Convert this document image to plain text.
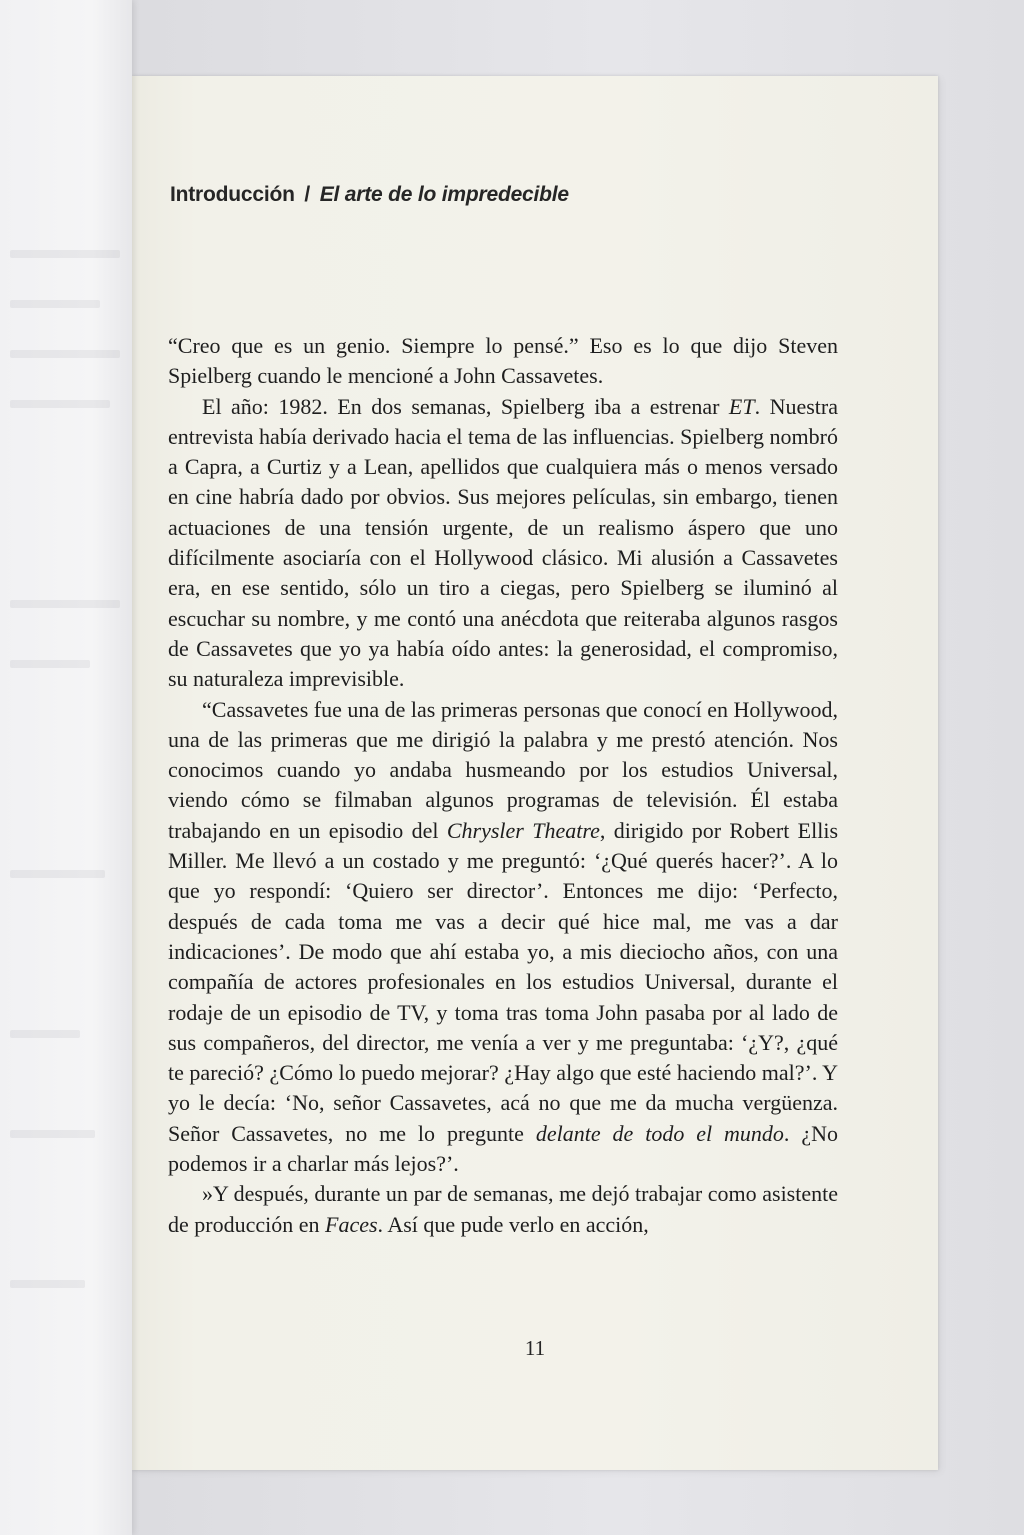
Introducción / El arte de lo impredecible

“Creo que es un genio. Siempre lo pensé.” Eso es lo que dijo Steven Spielberg cuando le mencioné a John Cassavetes.

El año: 1982. En dos semanas, Spielberg iba a estrenar ET. Nuestra entrevista había derivado hacia el tema de las influencias. Spielberg nombró a Capra, a Curtiz y a Lean, apellidos que cualquiera más o menos versado en cine habría dado por obvios. Sus mejores películas, sin embargo, tienen actuaciones de una tensión urgente, de un realismo áspero que uno difícilmente asociaría con el Hollywood clásico. Mi alusión a Cassavetes era, en ese sentido, sólo un tiro a ciegas, pero Spielberg se iluminó al escuchar su nombre, y me contó una anécdota que reiteraba algunos rasgos de Cassavetes que yo ya había oído antes: la generosidad, el compromiso, su naturaleza imprevisible.

“Cassavetes fue una de las primeras personas que conocí en Hollywood, una de las primeras que me dirigió la palabra y me prestó atención. Nos conocimos cuando yo andaba husmeando por los estudios Universal, viendo cómo se filmaban algunos programas de televisión. Él estaba trabajando en un episodio del Chrysler Theatre, dirigido por Robert Ellis Miller. Me llevó a un costado y me preguntó: ‘¿Qué querés hacer?’. A lo que yo respondí: ‘Quiero ser director’. Entonces me dijo: ‘Perfecto, después de cada toma me vas a decir qué hice mal, me vas a dar indicaciones’. De modo que ahí estaba yo, a mis dieciocho años, con una compañía de actores profesionales en los estudios Universal, durante el rodaje de un episodio de TV, y toma tras toma John pasaba por al lado de sus compañeros, del director, me venía a ver y me preguntaba: ‘¿Y?, ¿qué te pareció? ¿Cómo lo puedo mejorar? ¿Hay algo que esté haciendo mal?’. Y yo le decía: ‘No, señor Cassavetes, acá no que me da mucha vergüenza. Señor Cassavetes, no me lo pregunte delante de todo el mundo. ¿No podemos ir a charlar más lejos?’.

»Y después, durante un par de semanas, me dejó trabajar como asistente de producción en Faces. Así que pude verlo en acción,

11
